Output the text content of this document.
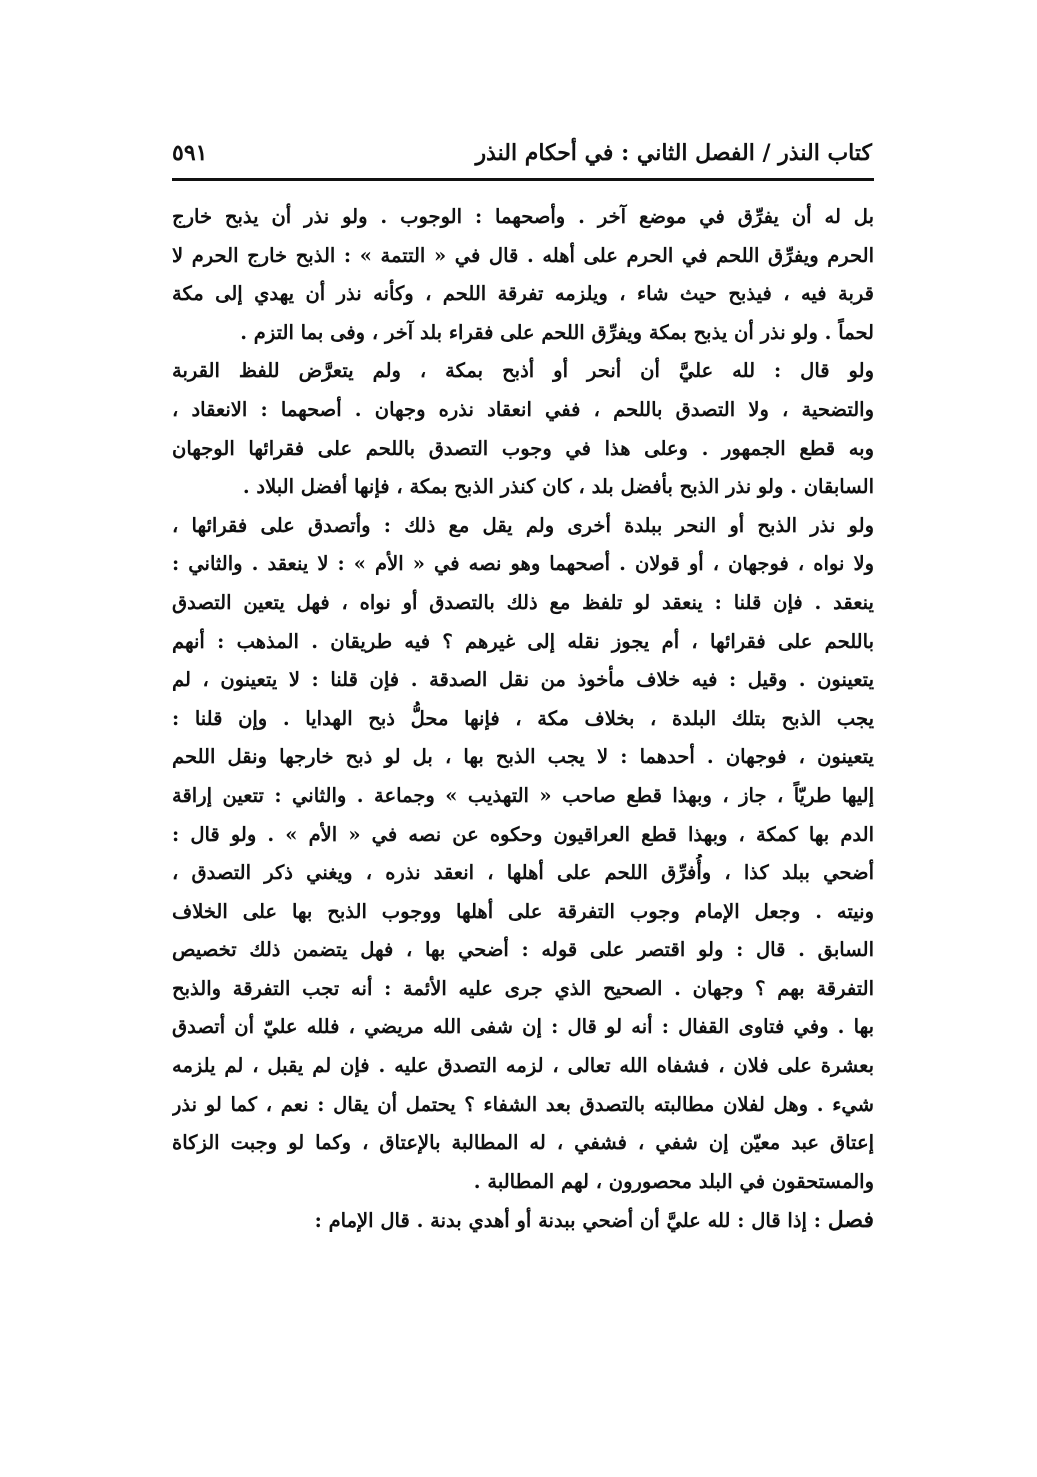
كتاب النذر / الفصل الثاني : في أحكام النذر
٥٩١
بل له أن يفرِّق في موضع آخر . وأصحهما : الوجوب . ولو نذر أن يذبح خارج
الحرم ويفرِّق اللحم في الحرم على أهله . قال في « التتمة » : الذبح خارج الحرم لا
قربة فيه ، فيذبح حيث شاء ، ويلزمه تفرقة اللحم ، وكأنه نذر أن يهدي إلى مكة
لحماً . ولو نذر أن يذبح بمكة ويفرِّق اللحم على فقراء بلد آخر ، وفى بما التزم .
ولو قال : لله عليَّ أن أنحر أو أذبح بمكة ، ولم يتعرَّض للفظ القربة
والتضحية ، ولا التصدق باللحم ، ففي انعقاد نذره وجهان . أصحهما : الانعقاد ،
وبه قطع الجمهور . وعلى هذا في وجوب التصدق باللحم على فقرائها الوجهان
السابقان . ولو نذر الذبح بأفضل بلد ، كان كنذر الذبح بمكة ، فإنها أفضل البلاد .
ولو نذر الذبح أو النحر ببلدة أخرى ولم يقل مع ذلك : وأتصدق على فقرائها ،
ولا نواه ، فوجهان ، أو قولان . أصحهما وهو نصه في « الأم » : لا ينعقد . والثاني :
ينعقد . فإن قلنا : ينعقد لو تلفظ مع ذلك بالتصدق أو نواه ، فهل يتعين التصدق
باللحم على فقرائها ، أم يجوز نقله إلى غيرهم ؟ فيه طريقان . المذهب : أنهم
يتعينون . وقيل : فيه خلاف مأخوذ من نقل الصدقة . فإن قلنا : لا يتعينون ، لم
يجب الذبح بتلك البلدة ، بخلاف مكة ، فإنها محلُّ ذبح الهدايا . وإن قلنا :
يتعينون ، فوجهان . أحدهما : لا يجب الذبح بها ، بل لو ذبح خارجها ونقل اللحم
إليها طريّاً ، جاز ، وبهذا قطع صاحب « التهذيب » وجماعة . والثاني : تتعين إراقة
الدم بها كمكة ، وبهذا قطع العراقيون وحكوه عن نصه في « الأم » . ولو قال :
أضحي ببلد كذا ، وأُفرِّق اللحم على أهلها ، انعقد نذره ، ويغني ذكر التصدق ،
ونيته . وجعل الإمام وجوب التفرقة على أهلها ووجوب الذبح بها على الخلاف
السابق . قال : ولو اقتصر على قوله : أضحي بها ، فهل يتضمن ذلك تخصيص
التفرقة بهم ؟ وجهان . الصحيح الذي جرى عليه الأئمة : أنه تجب التفرقة والذبح
بها . وفي فتاوى القفال : أنه لو قال : إن شفى الله مريضي ، فلله عليّ أن أتصدق
بعشرة على فلان ، فشفاه الله تعالى ، لزمه التصدق عليه . فإن لم يقبل ، لم يلزمه
شيء . وهل لفلان مطالبته بالتصدق بعد الشفاء ؟ يحتمل أن يقال : نعم ، كما لو نذر
إعتاق عبد معيّن إن شفي ، فشفي ، له المطالبة بالإعتاق ، وكما لو وجبت الزكاة
والمستحقون في البلد محصورون ، لهم المطالبة .
فصل : إذا قال : لله عليَّ أن أضحي ببدنة أو أهدي بدنة . قال الإمام :
